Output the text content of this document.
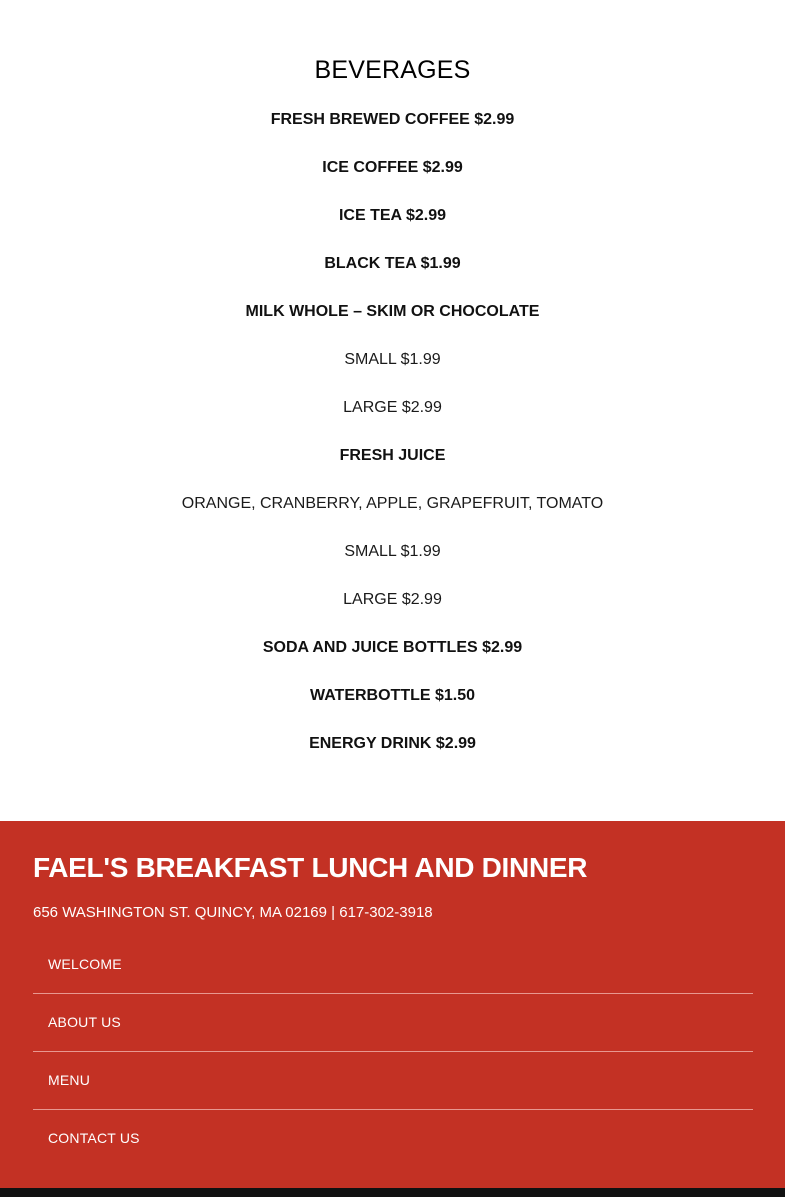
BEVERAGES
FRESH BREWED COFFEE $2.99
ICE COFFEE $2.99
ICE TEA $2.99
BLACK TEA $1.99
MILK WHOLE – SKIM OR CHOCOLATE
SMALL $1.99
LARGE $2.99
FRESH JUICE
ORANGE, CRANBERRY, APPLE, GRAPEFRUIT, TOMATO
SMALL $1.99
LARGE $2.99
SODA AND JUICE BOTTLES $2.99
WATERBOTTLE $1.50
ENERGY DRINK $2.99
FAEL'S BREAKFAST LUNCH AND DINNER
656 WASHINGTON ST. QUINCY, MA 02169 | 617-302-3918
WELCOME
ABOUT US
MENU
CONTACT US
